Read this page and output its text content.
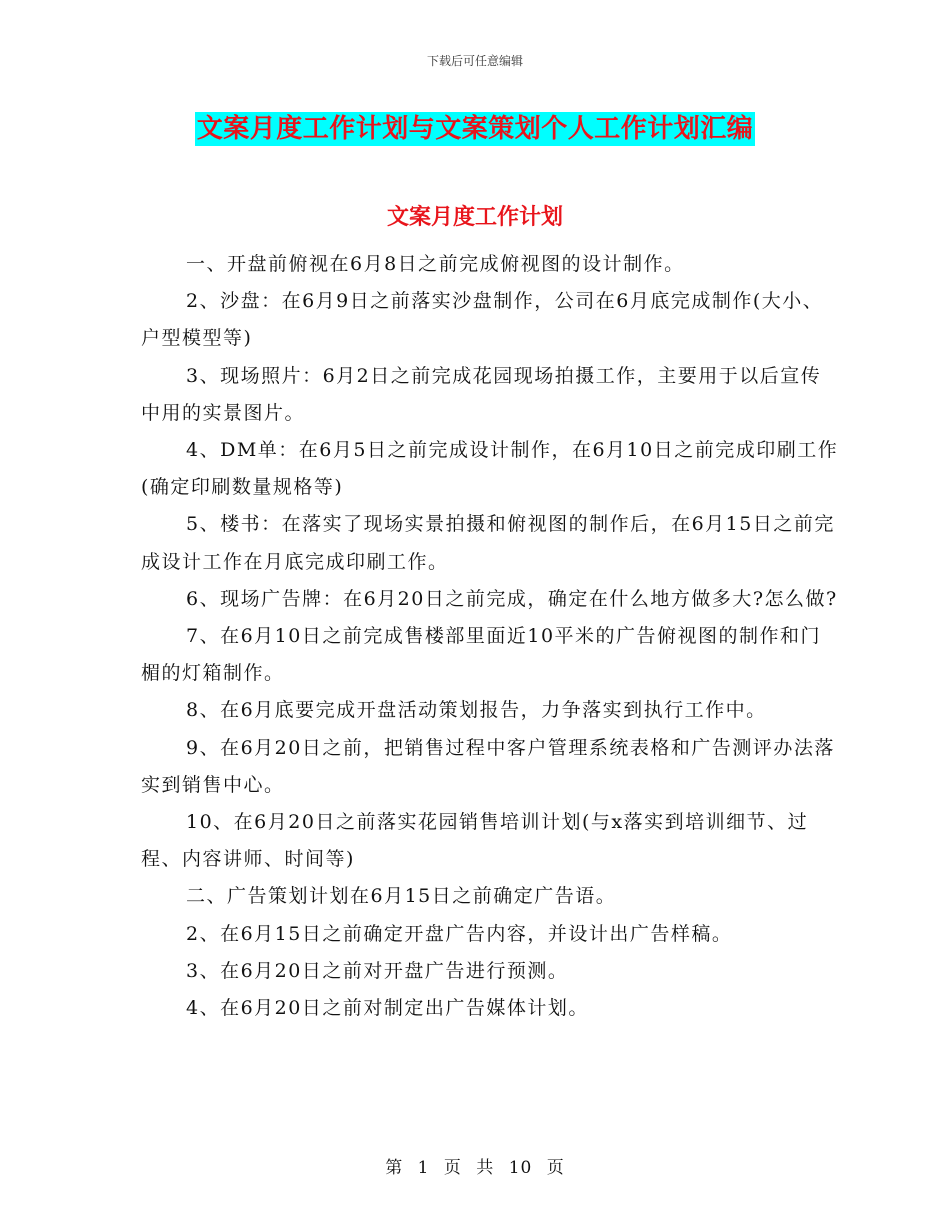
下载后可任意编辑
文案月度工作计划与文案策划个人工作计划汇编
文案月度工作计划

一、开盘前俯视在6月8日之前完成俯视图的设计制作。

2、沙盘：在6月9日之前落实沙盘制作，公司在6月底完成制作(大小、户型模型等)

3、现场照片：6月2日之前完成花园现场拍摄工作，主要用于以后宣传中用的实景图片。

4、DM单：在6月5日之前完成设计制作，在6月10日之前完成印刷工作(确定印刷数量规格等)

5、楼书：在落实了现场实景拍摄和俯视图的制作后，在6月15日之前完成设计工作在月底完成印刷工作。

6、现场广告牌：在6月20日之前完成，确定在什么地方做多大?怎么做?

7、在6月10日之前完成售楼部里面近10平米的广告俯视图的制作和门楣的灯箱制作。

8、在6月底要完成开盘活动策划报告，力争落实到执行工作中。

9、在6月20日之前，把销售过程中客户管理系统表格和广告测评办法落实到销售中心。

10、在6月20日之前落实花园销售培训计划(与x落实到培训细节、过程、内容讲师、时间等)

二、广告策划计划在6月15日之前确定广告语。

2、在6月15日之前确定开盘广告内容，并设计出广告样稿。

3、在6月20日之前对开盘广告进行预测。

4、在6月20日之前对制定出广告媒体计划。

第 1 页 共 10 页
